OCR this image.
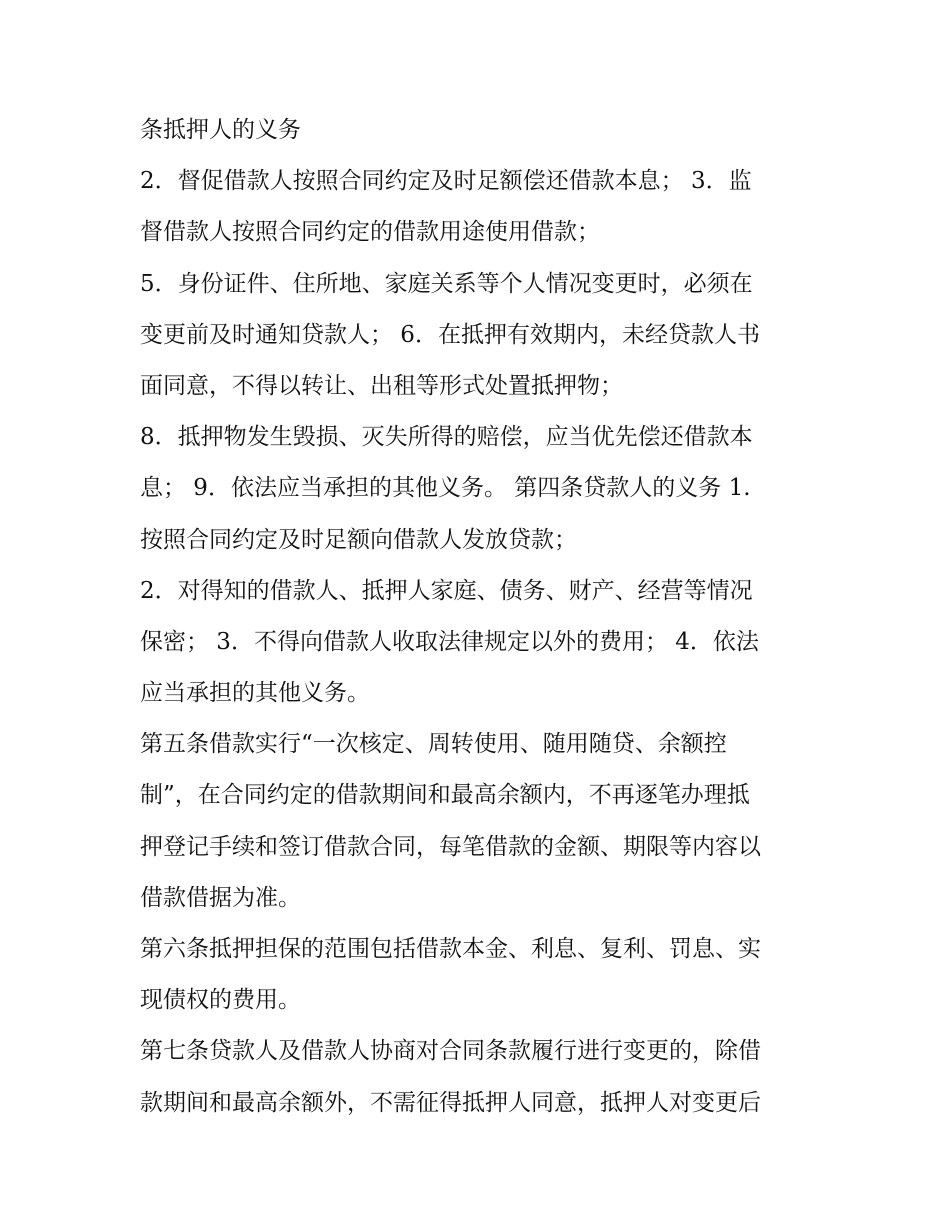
条抵押人的义务
2．督促借款人按照合同约定及时足额偿还借款本息； 3．监
督借款人按照合同约定的借款用途使用借款；
5．身份证件、住所地、家庭关系等个人情况变更时，必须在
变更前及时通知贷款人； 6．在抵押有效期内，未经贷款人书
面同意，不得以转让、出租等形式处置抵押物；
8．抵押物发生毁损、灭失所得的赔偿，应当优先偿还借款本
息； 9．依法应当承担的其他义务。 第四条贷款人的义务 1.
按照合同约定及时足额向借款人发放贷款；
2．对得知的借款人、抵押人家庭、债务、财产、经营等情况
保密； 3．不得向借款人收取法律规定以外的费用； 4．依法
应当承担的其他义务。
第五条借款实行“一次核定、周转使用、随用随贷、余额控
制”，在合同约定的借款期间和最高余额内，不再逐笔办理抵
押登记手续和签订借款合同，每笔借款的金额、期限等内容以
借款借据为准。
第六条抵押担保的范围包括借款本金、利息、复利、罚息、实
现债权的费用。
第七条贷款人及借款人协商对合同条款履行进行变更的，除借
款期间和最高余额外，不需征得抵押人同意，抵押人对变更后
